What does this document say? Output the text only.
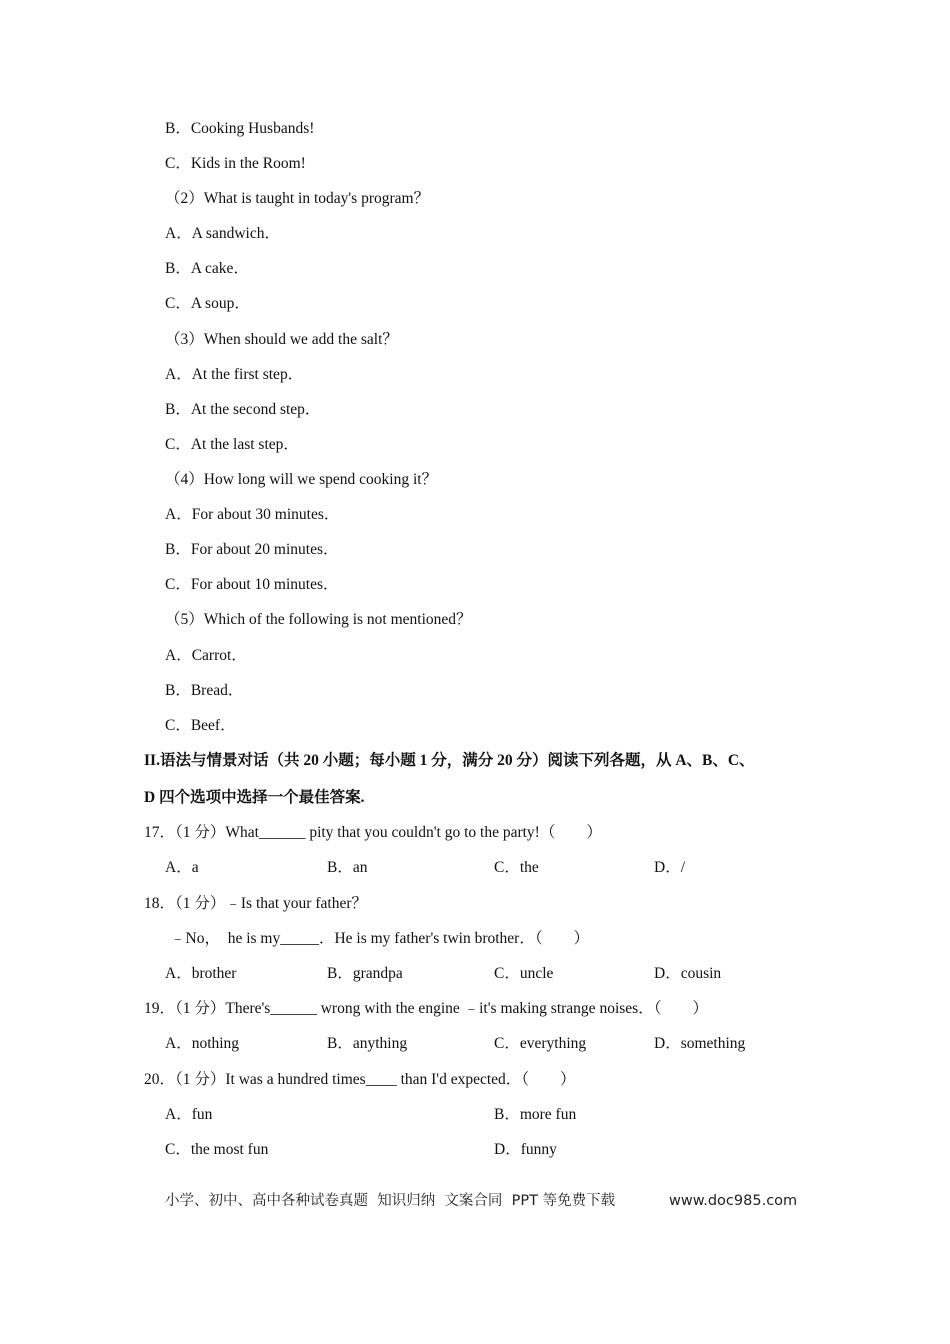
B．Cooking Husbands!
C．Kids in the Room!
（2）What is taught in today's program？
A．A sandwich．
B．A cake．
C．A soup．
（3）When should we add the salt？
A．At the first step．
B．At the second step．
C．At the last step．
（4）How long will we spend cooking it？
A．For about 30 minutes．
B．For about 20 minutes．
C．For about 10 minutes．
（5）Which of the following is not mentioned？
A．Carrot．
B．Bread．
C．Beef．
II.语法与情景对话（共 20 小题；每小题 1 分，满分 20 分）阅读下列各题，从 A、B、C、
D 四个选项中选择一个最佳答案.
17．（1 分）What______ pity that you couldn't go to the party!（　　）
A．a	B．an	C．the	D．/
18．（1 分）﹣Is that your father？
﹣No，  he is my_____．He is my father's twin brother．（　　）
A．brother	B．grandpa	C．uncle	D．cousin
19．（1 分）There's______ wrong with the engine ﹣it's making strange noises．（　　）
A．nothing	B．anything	C．everything	D．something
20．（1 分）It was a hundred times____ than I'd expected．（　　）
A．fun	B．more fun
C．the most fun	D．funny
小学、初中、高中各种试卷真题  知识归纳  文案合同  PPT 等免费下载	www.doc985.com
